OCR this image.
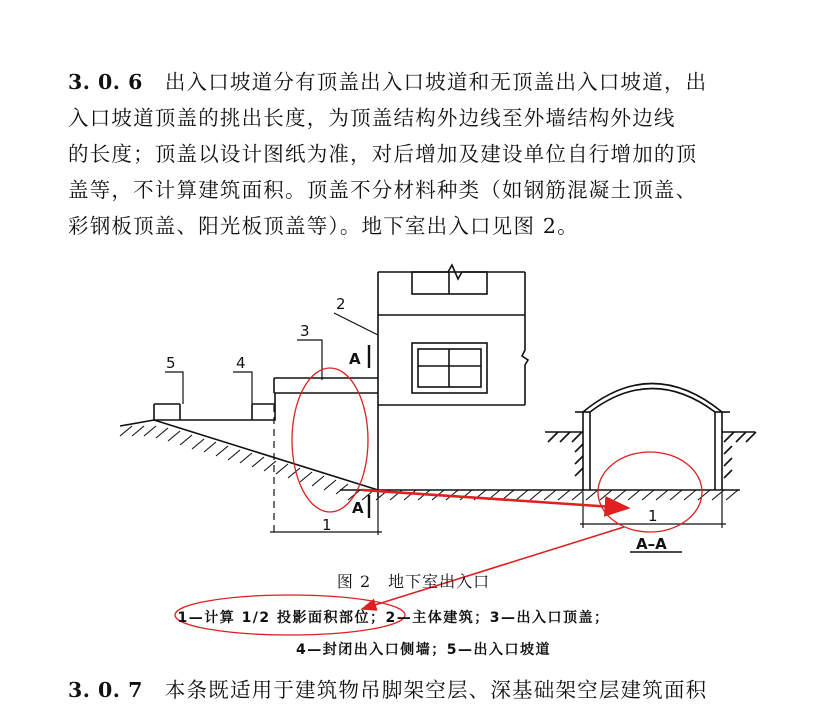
3. 0. 6 出入口坡道分有顶盖出入口坡道和无顶盖出入口坡道，出
入口坡道顶盖的挑出长度，为顶盖结构外边线至外墙结构外边线
的长度；顶盖以设计图纸为准，对后增加及建设单位自行增加的顶
盖等，不计算建筑面积。顶盖不分材料种类（如钢筋混凝土顶盖、
彩钢板顶盖、阳光板顶盖等）。地下室出入口见图 2。
1	1
2
3
4
5	A
A
A–A
图 2　地下室出入口
1—计算 1/2 投影面积部位；2—主体建筑；3—出入口顶盖；
4—封闭出入口侧墙；5—出入口坡道
3. 0. 7 本条既适用于建筑物吊脚架空层、深基础架空层建筑面积
